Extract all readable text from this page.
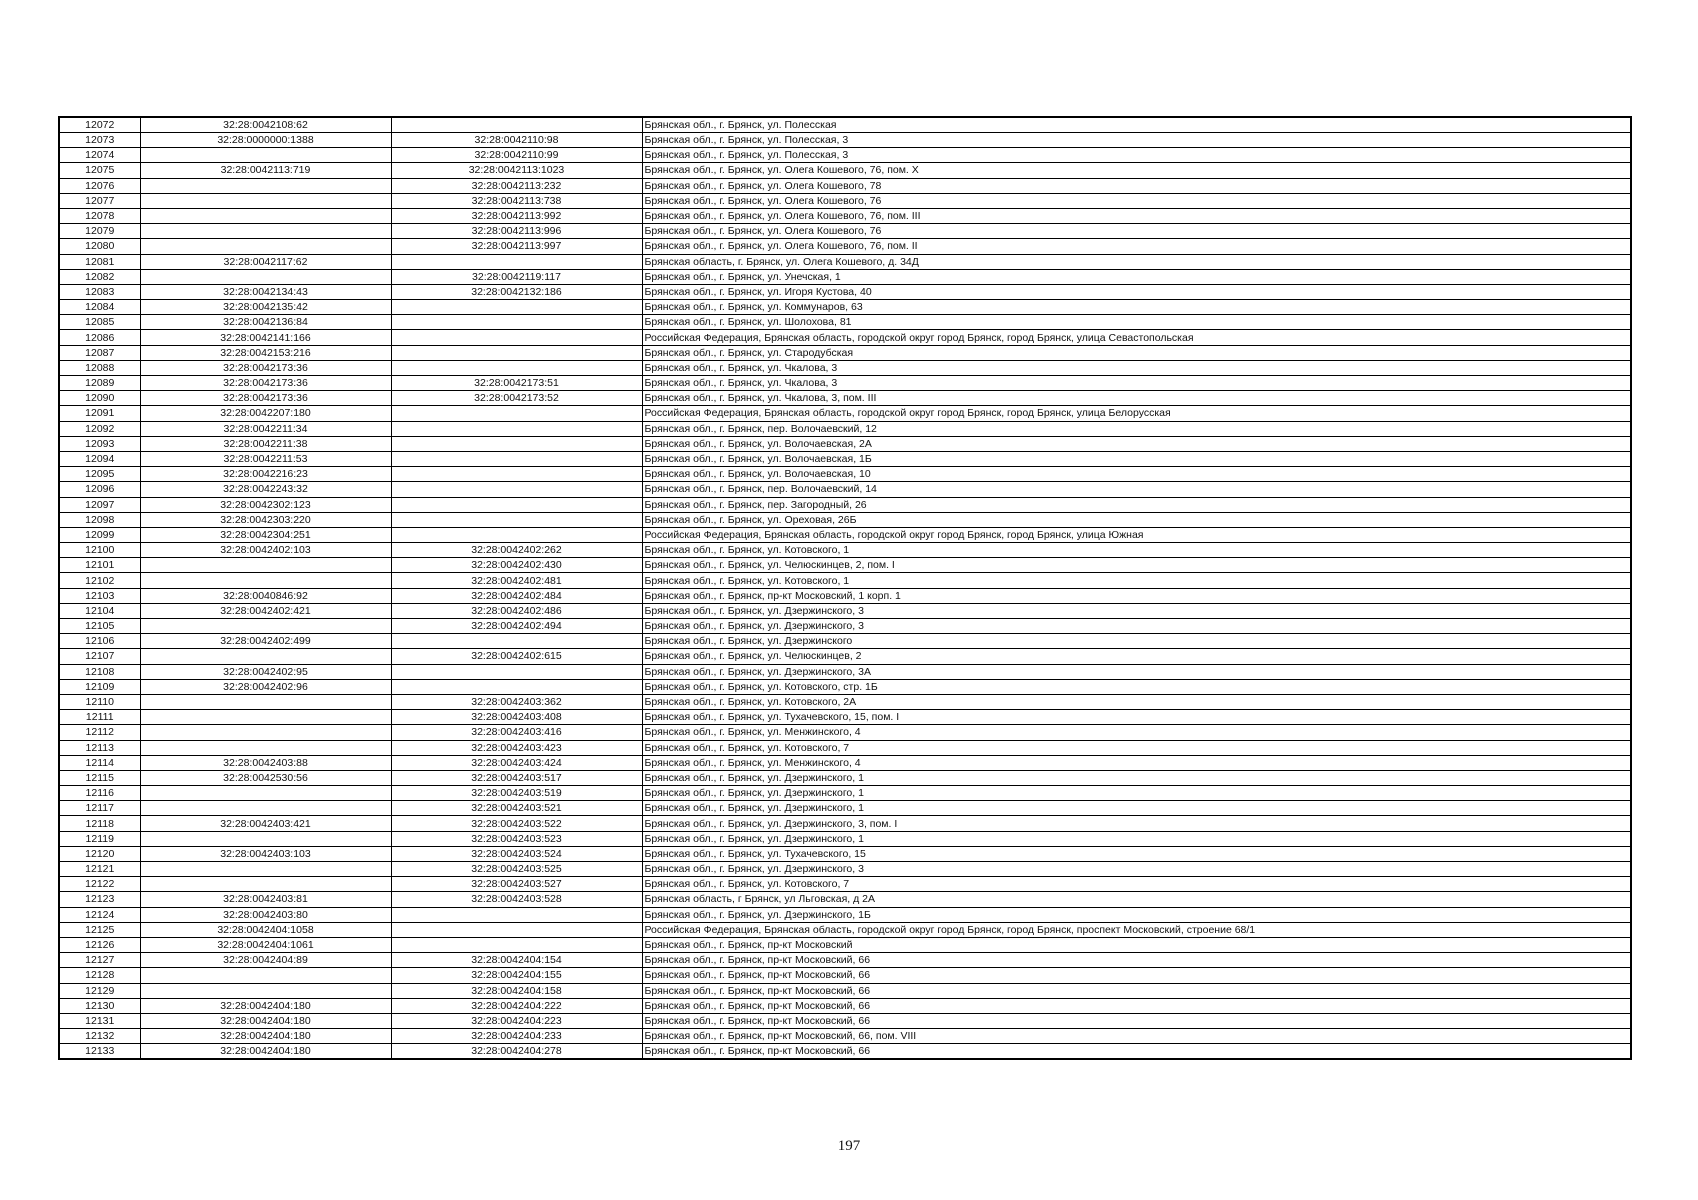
12072	32:28:0042108:62		Брянская обл., г. Брянск, ул. Полесская
12073	32:28:0000000:1388	32:28:0042110:98	Брянская обл., г. Брянск, ул. Полесская, 3
12074		32:28:0042110:99	Брянская обл., г. Брянск, ул. Полесская, 3
12075	32:28:0042113:719	32:28:0042113:1023	Брянская обл., г. Брянск, ул. Олега Кошевого, 76, пом. X
12076		32:28:0042113:232	Брянская обл., г. Брянск, ул. Олега Кошевого, 78
12077		32:28:0042113:738	Брянская обл., г. Брянск, ул. Олега Кошевого, 76
12078		32:28:0042113:992	Брянская обл., г. Брянск, ул. Олега Кошевого, 76, пом. III
12079		32:28:0042113:996	Брянская обл., г. Брянск, ул. Олега Кошевого, 76
12080		32:28:0042113:997	Брянская обл., г. Брянск, ул. Олега Кошевого, 76, пом. II
12081	32:28:0042117:62		Брянская область, г. Брянск, ул. Олега Кошевого, д. 34Д
12082		32:28:0042119:117	Брянская обл., г. Брянск, ул. Унечская, 1
12083	32:28:0042134:43	32:28:0042132:186	Брянская обл., г. Брянск, ул. Игоря Кустова, 40
12084	32:28:0042135:42		Брянская обл., г. Брянск, ул. Коммунаров, 63
12085	32:28:0042136:84		Брянская обл., г. Брянск, ул. Шолохова, 81
12086	32:28:0042141:166		Российская Федерация, Брянская область, городской округ город Брянск, город Брянск, улица Севастопольская
12087	32:28:0042153:216		Брянская обл., г. Брянск, ул. Стародубская
12088	32:28:0042173:36		Брянская обл., г. Брянск, ул. Чкалова, 3
12089	32:28:0042173:36	32:28:0042173:51	Брянская обл., г. Брянск, ул. Чкалова, 3
12090	32:28:0042173:36	32:28:0042173:52	Брянская обл., г. Брянск, ул. Чкалова, 3, пом. III
12091	32:28:0042207:180		Российская Федерация, Брянская область, городской округ город Брянск, город Брянск, улица Белорусская
12092	32:28:0042211:34		Брянская обл., г. Брянск, пер. Волочаевский, 12
12093	32:28:0042211:38		Брянская обл., г. Брянск, ул. Волочаевская, 2А
12094	32:28:0042211:53		Брянская обл., г. Брянск, ул. Волочаевская, 1Б
12095	32:28:0042216:23		Брянская обл., г. Брянск, ул. Волочаевская, 10
12096	32:28:0042243:32		Брянская обл., г. Брянск, пер. Волочаевский, 14
12097	32:28:0042302:123		Брянская обл., г. Брянск, пер. Загородный, 26
12098	32:28:0042303:220		Брянская обл., г. Брянск, ул. Ореховая, 26Б
12099	32:28:0042304:251		Российская Федерация, Брянская область, городской округ город Брянск, город Брянск, улица Южная
12100	32:28:0042402:103	32:28:0042402:262	Брянская обл., г. Брянск, ул. Котовского, 1
12101		32:28:0042402:430	Брянская обл., г. Брянск, ул. Челюскинцев, 2, пом. I
12102		32:28:0042402:481	Брянская обл., г. Брянск, ул. Котовского, 1
12103	32:28:0040846:92	32:28:0042402:484	Брянская обл., г. Брянск, пр-кт Московский, 1 корп. 1
12104	32:28:0042402:421	32:28:0042402:486	Брянская обл., г. Брянск, ул. Дзержинского, 3
12105		32:28:0042402:494	Брянская обл., г. Брянск, ул. Дзержинского, 3
12106	32:28:0042402:499		Брянская обл., г. Брянск, ул. Дзержинского
12107		32:28:0042402:615	Брянская обл., г. Брянск, ул. Челюскинцев, 2
12108	32:28:0042402:95		Брянская обл., г. Брянск, ул. Дзержинского, 3А
12109	32:28:0042402:96		Брянская обл., г. Брянск, ул. Котовского, стр. 1Б
12110		32:28:0042403:362	Брянская обл., г. Брянск, ул. Котовского, 2А
12111		32:28:0042403:408	Брянская обл., г. Брянск, ул. Тухачевского, 15, пом. I
12112		32:28:0042403:416	Брянская обл., г. Брянск, ул. Менжинского, 4
12113		32:28:0042403:423	Брянская обл., г. Брянск, ул. Котовского, 7
12114	32:28:0042403:88	32:28:0042403:424	Брянская обл., г. Брянск, ул. Менжинского, 4
12115	32:28:0042530:56	32:28:0042403:517	Брянская обл., г. Брянск, ул. Дзержинского, 1
12116		32:28:0042403:519	Брянская обл., г. Брянск, ул. Дзержинского, 1
12117		32:28:0042403:521	Брянская обл., г. Брянск, ул. Дзержинского, 1
12118	32:28:0042403:421	32:28:0042403:522	Брянская обл., г. Брянск, ул. Дзержинского, 3, пом. I
12119		32:28:0042403:523	Брянская обл., г. Брянск, ул. Дзержинского, 1
12120	32:28:0042403:103	32:28:0042403:524	Брянская обл., г. Брянск, ул. Тухачевского, 15
12121		32:28:0042403:525	Брянская обл., г. Брянск, ул. Дзержинского, 3
12122		32:28:0042403:527	Брянская обл., г. Брянск, ул. Котовского, 7
12123	32:28:0042403:81	32:28:0042403:528	Брянская область, г Брянск, ул Льговская, д 2А
12124	32:28:0042403:80		Брянская обл., г. Брянск, ул. Дзержинского, 1Б
12125	32:28:0042404:1058		Российская Федерация, Брянская область, городской округ город Брянск, город Брянск, проспект Московский, строение 68/1
12126	32:28:0042404:1061		Брянская обл., г. Брянск, пр-кт Московский
12127	32:28:0042404:89	32:28:0042404:154	Брянская обл., г. Брянск, пр-кт Московский, 66
12128		32:28:0042404:155	Брянская обл., г. Брянск, пр-кт Московский, 66
12129		32:28:0042404:158	Брянская обл., г. Брянск, пр-кт Московский, 66
12130	32:28:0042404:180	32:28:0042404:222	Брянская обл., г. Брянск, пр-кт Московский, 66
12131	32:28:0042404:180	32:28:0042404:223	Брянская обл., г. Брянск, пр-кт Московский, 66
12132	32:28:0042404:180	32:28:0042404:233	Брянская обл., г. Брянск, пр-кт Московский, 66, пом. VIII
12133	32:28:0042404:180	32:28:0042404:278	Брянская обл., г. Брянск, пр-кт Московский, 66
197
